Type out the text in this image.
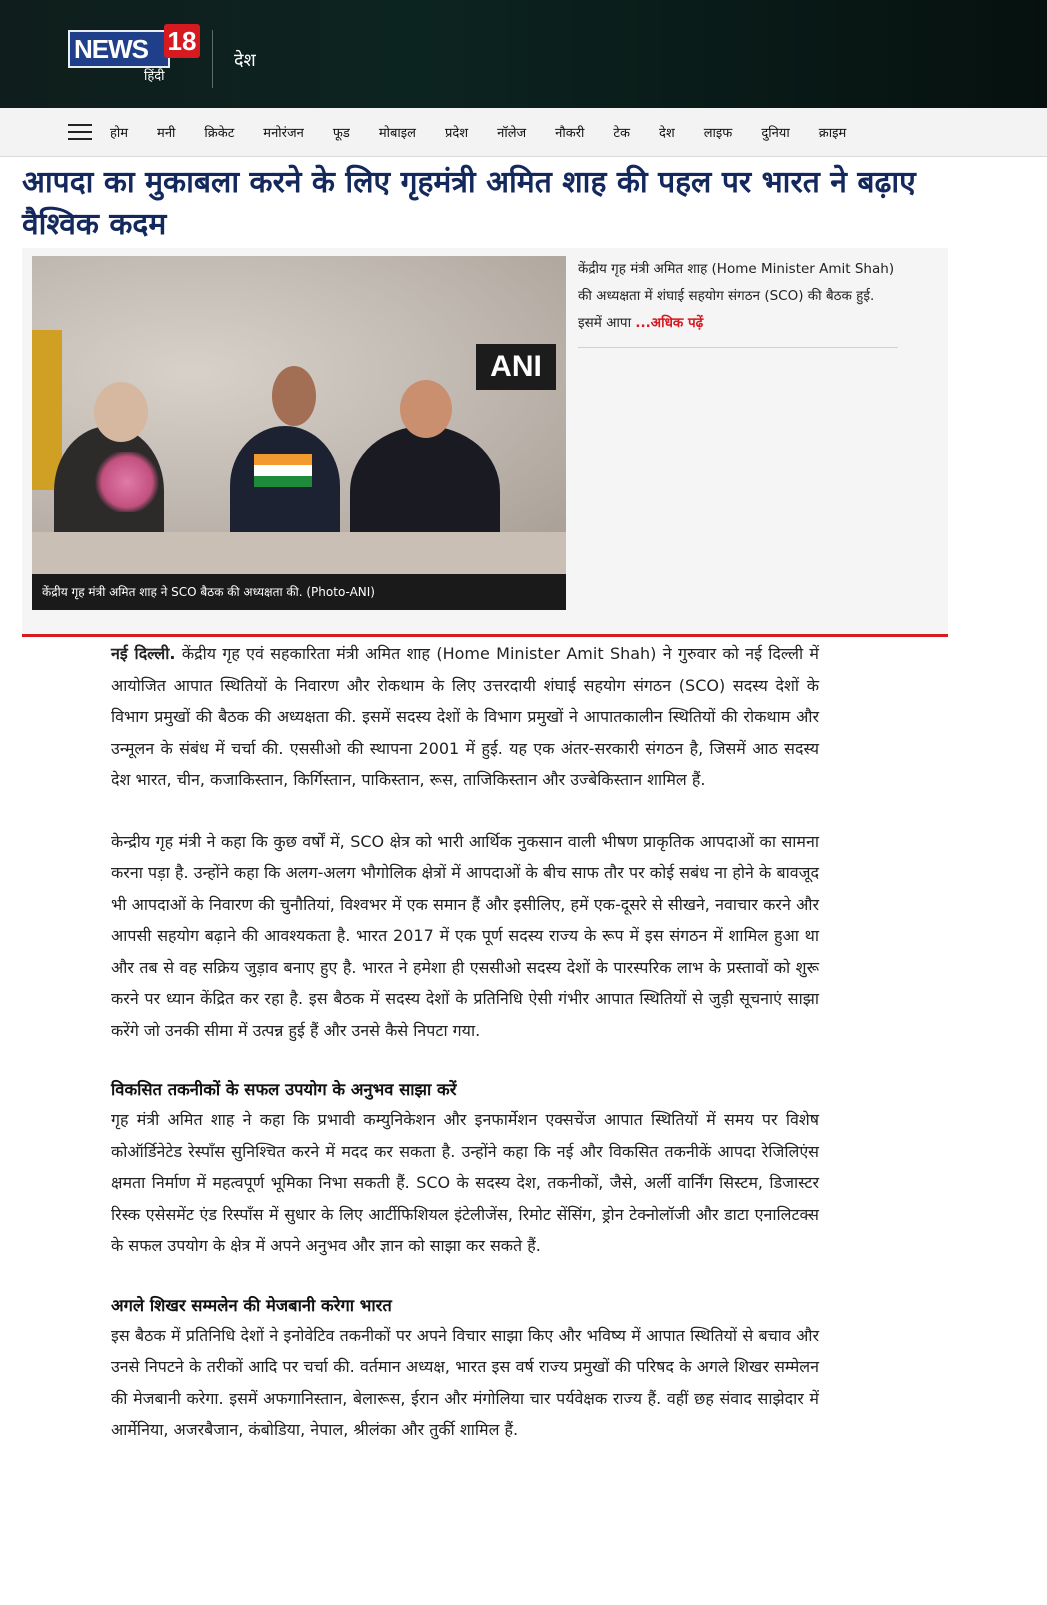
NEWS 18
हिंदी
देश
होम मनी क्रिकेट मनोरंजन फूड मोबाइल प्रदेश नॉलेज नौकरी टेक देश लाइफ दुनिया क्राइम
आपदा का मुकाबला करने के लिए गृहमंत्री अमित शाह की पहल पर भारत ने बढ़ाए वैश्विक कदम
ANI
केंद्रीय गृह मंत्री अमित शाह ने SCO बैठक की अध्यक्षता की. (Photo-ANI)
केंद्रीय गृह मंत्री अमित शाह (Home Minister Amit Shah) की अध्यक्षता में शंघाई सहयोग संगठन (SCO) की बैठक हुई. इसमें आपा ...अधिक पढ़ें

नई दिल्ली. केंद्रीय गृह एवं सहकारिता मंत्री अमित शाह (Home Minister Amit Shah) ने गुरुवार को नई दिल्ली में आयोजित आपात स्थितियों के निवारण और रोकथाम के लिए उत्तरदायी शंघाई सहयोग संगठन (SCO) सदस्य देशों के विभाग प्रमुखों की बैठक की अध्यक्षता की. इसमें सदस्य देशों के विभाग प्रमुखों ने आपातकालीन स्थितियों की रोकथाम और उन्मूलन के संबंध में चर्चा की. एससीओ की स्थापना 2001 में हुई. यह एक अंतर-सरकारी संगठन है, जिसमें आठ सदस्य देश भारत, चीन, कजाकिस्तान, किर्गिस्तान, पाकिस्तान, रूस, ताजिकिस्तान और उज्बेकिस्तान शामिल हैं.

केन्द्रीय गृह मंत्री ने कहा कि कुछ वर्षों में, SCO क्षेत्र को भारी आर्थिक नुकसान वाली भीषण प्राकृतिक आपदाओं का सामना करना पड़ा है. उन्होंने कहा कि अलग-अलग भौगोलिक क्षेत्रों में आपदाओं के बीच साफ तौर पर कोई सबंध ना होने के बावजूद भी आपदाओं के निवारण की चुनौतियां, विश्वभर में एक समान हैं और इसीलिए, हमें एक-दूसरे से सीखने, नवाचार करने और आपसी सहयोग बढ़ाने की आवश्यकता है. भारत 2017 में एक पूर्ण सदस्य राज्य के रूप में इस संगठन में शामिल हुआ था और तब से वह सक्रिय जुड़ाव बनाए हुए है. भारत ने हमेशा ही एससीओ सदस्य देशों के पारस्परिक लाभ के प्रस्तावों को शुरू करने पर ध्यान केंद्रित कर रहा है. इस बैठक में सदस्य देशों के प्रतिनिधि ऐसी गंभीर आपात स्थितियों से जुड़ी सूचनाएं साझा करेंगे जो उनकी सीमा में उत्पन्न हुई हैं और उनसे कैसे निपटा गया.

विकसित तकनीकों के सफल उपयोग के अनुभव साझा करें

गृह मंत्री अमित शाह ने कहा कि प्रभावी कम्युनिकेशन और इनफार्मेशन एक्सचेंज आपात स्थितियों में समय पर विशेष कोऑर्डिनेटेड रेस्पॉंस सुनिश्चित करने में मदद कर सकता है. उन्होंने कहा कि नई और विकसित तकनीकें आपदा रेजिलिएंस क्षमता निर्माण में महत्वपूर्ण भूमिका निभा सकती हैं. SCO के सदस्य देश, तकनीकों, जैसे, अर्ली वार्निंग सिस्टम, डिजास्टर रिस्क एसेसमेंट एंड रिस्पॉंस में सुधार के लिए आर्टीफिशियल इंटेलीजेंस, रिमोट सेंसिंग, ड्रोन टेक्नोलॉजी और डाटा एनालिटक्स के सफल उपयोग के क्षेत्र में अपने अनुभव और ज्ञान को साझा कर सकते हैं.

अगले शिखर सम्मलेन की मेजबानी करेगा भारत

इस बैठक में प्रतिनिधि देशों ने इनोवेटिव तकनीकों पर अपने विचार साझा किए और भविष्य में आपात स्थितियों से बचाव और उनसे निपटने के तरीकों आदि पर चर्चा की. वर्तमान अध्यक्ष, भारत इस वर्ष राज्य प्रमुखों की परिषद के अगले शिखर सम्मेलन की मेजबानी करेगा. इसमें अफगानिस्तान, बेलारूस, ईरान और मंगोलिया चार पर्यवेक्षक राज्य हैं. वहीं छह संवाद साझेदार में आर्मेनिया, अजरबैजान, कंबोडिया, नेपाल, श्रीलंका और तुर्की शामिल हैं.
